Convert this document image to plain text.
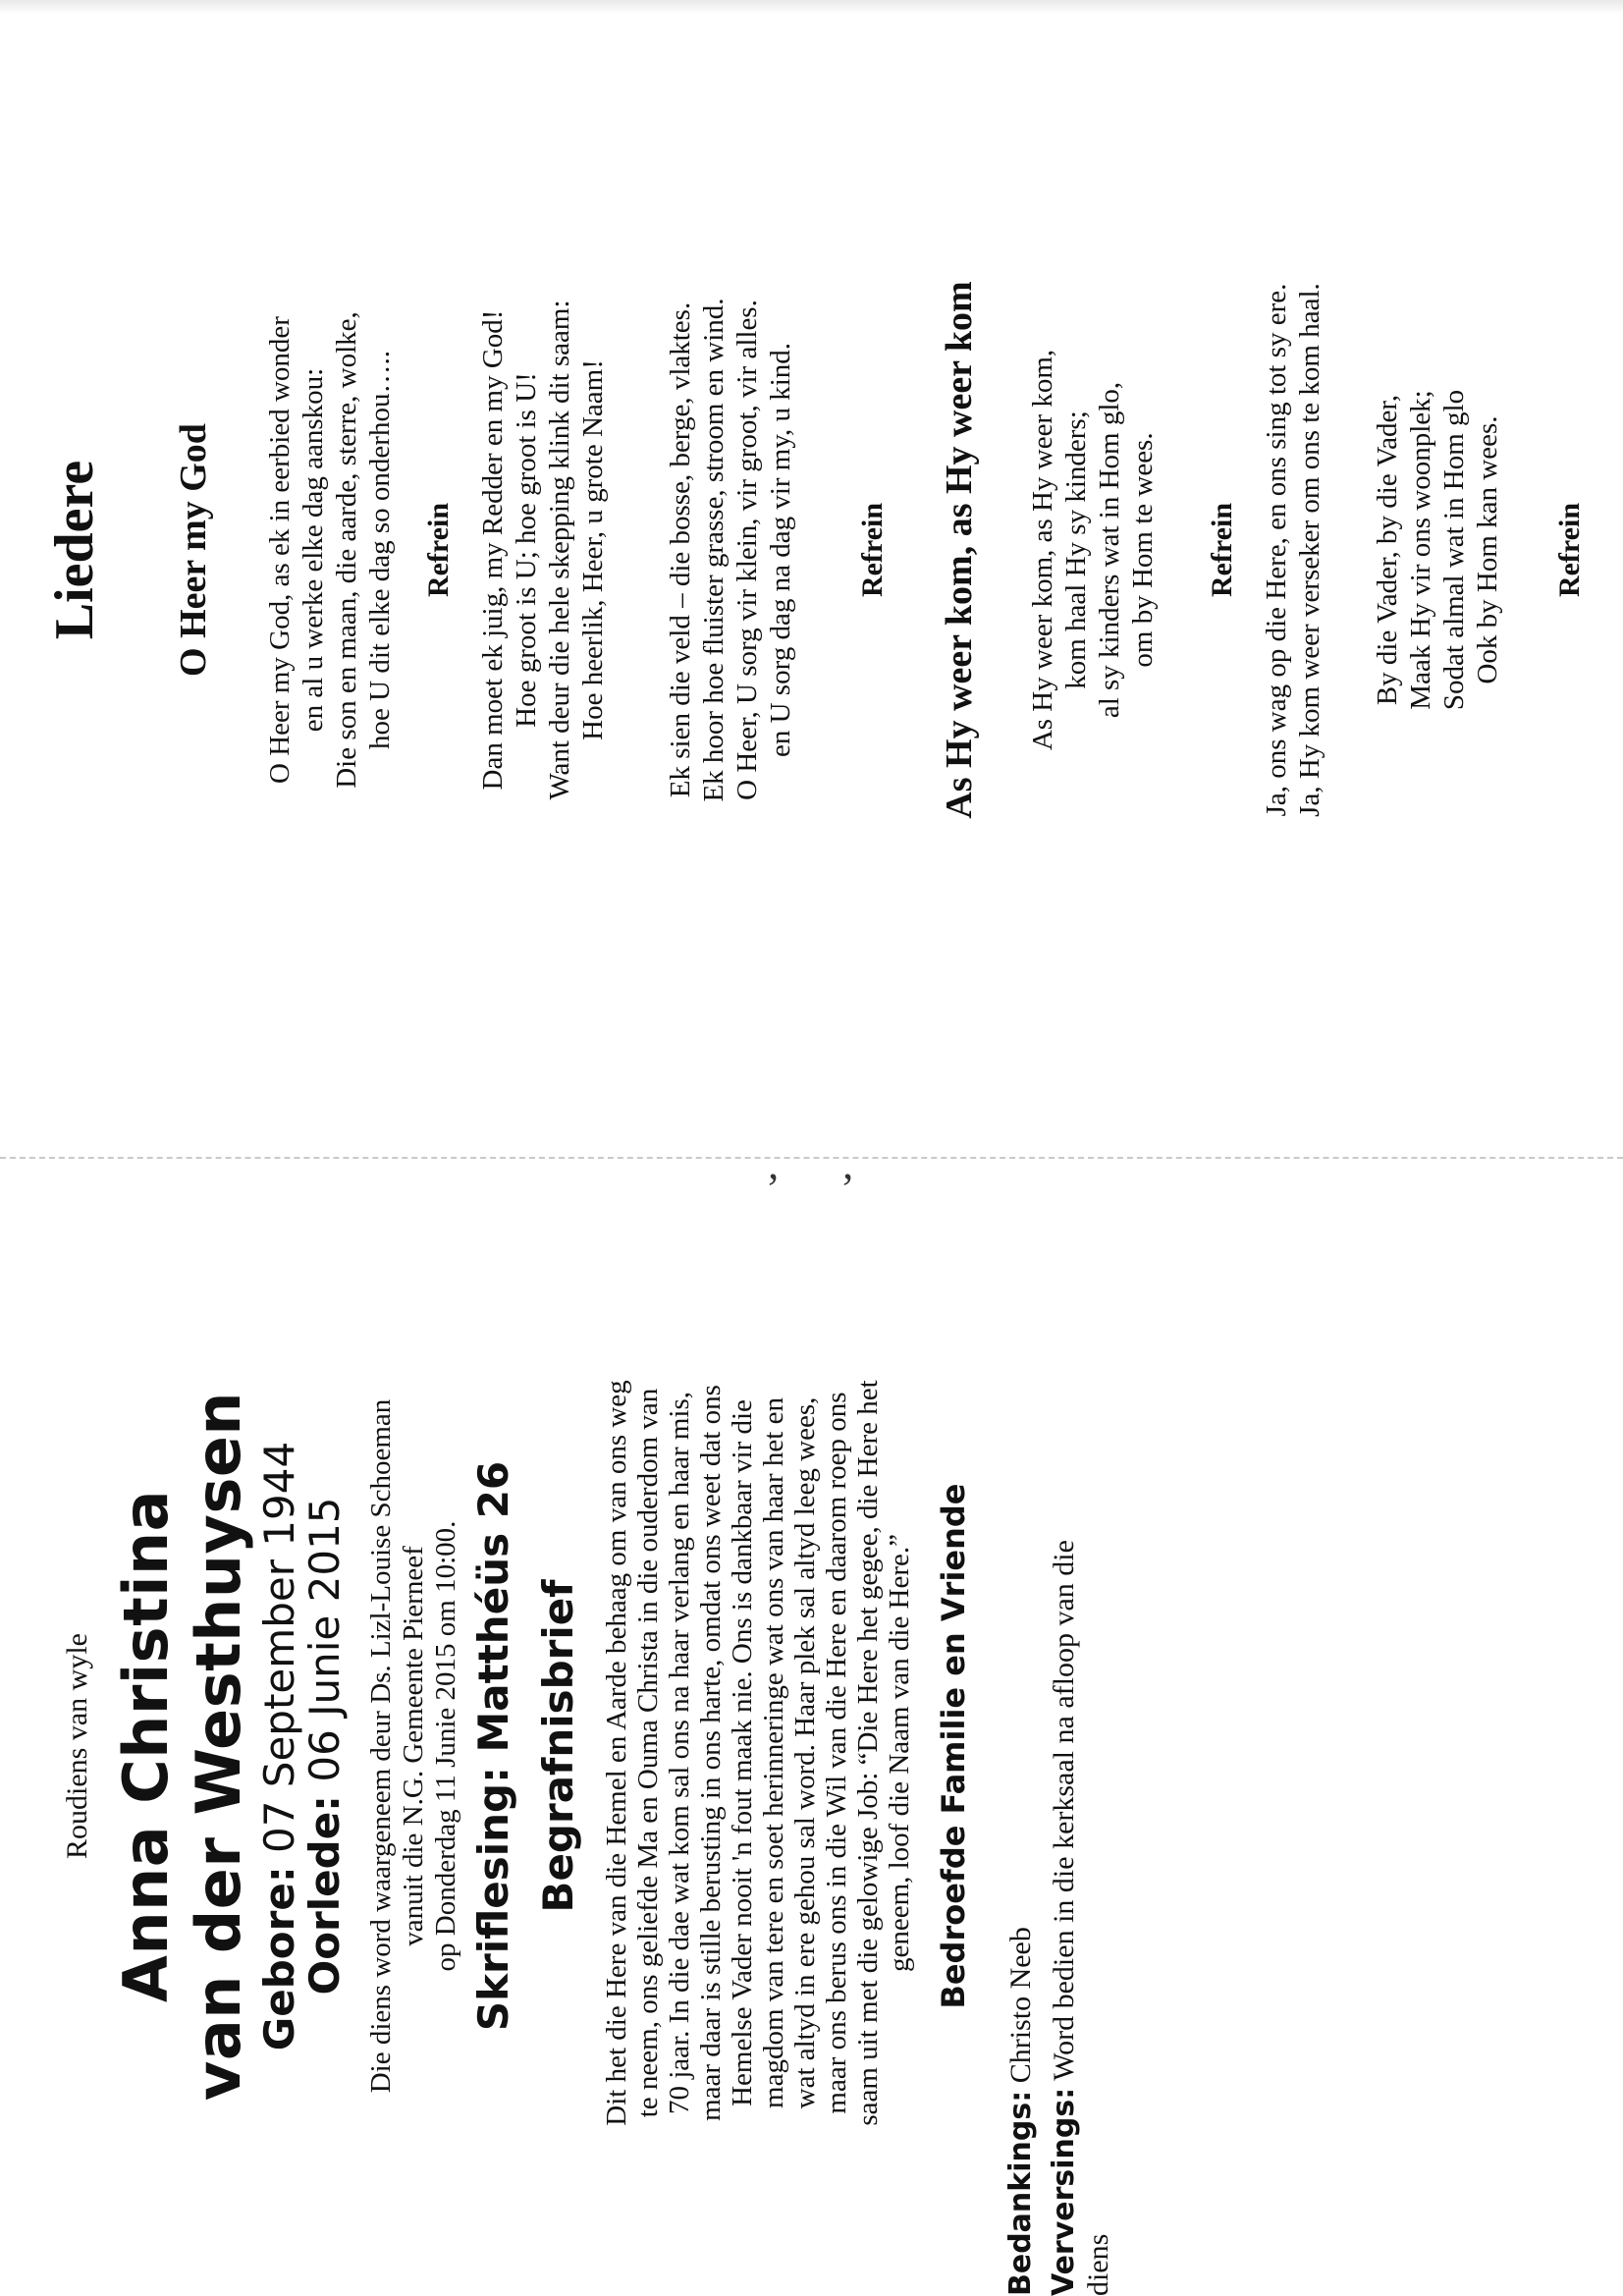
‚ ‚
Liedere O Heer my God O Heer my God, as ek in eerbied wonder en al u werke elke dag aanskou: Die son en maan, die aarde, sterre, wolke, hoe U dit elke dag so onderhou….. Refrein Dan moet ek juig, my Redder en my God! Hoe groot is U; hoe groot is U! Want deur die hele skepping klink dit saam: Hoe heerlik, Heer, u grote Naam! Ek sien die veld – die bosse, berge, vlaktes. Ek hoor hoe fluister grasse, stroom en wind. O Heer, U sorg vir klein, vir groot, vir alles. en U sorg dag na dag vir my, u kind. Refrein As Hy weer kom, as Hy weer kom As Hy weer kom, as Hy weer kom, kom haal Hy sy kinders; al sy kinders wat in Hom glo, om by Hom te wees. Refrein Ja, ons wag op die Here, en ons sing tot sy ere. Ja, Hy kom weer verseker om ons te kom haal. By die Vader, by die Vader, Maak Hy vir ons woonplek; Sodat almal wat in Hom glo Ook by Hom kan wees. Refrein

Roudiens van wyle Anna Christina van der Westhuysen Gebore: 07 September 1944

Oorlede: 06 Junie 2015 Die diens word waargeneem deur Ds. Lizl-Louise Schoeman vanuit die N.G. Gemeente Pierneef op Donderdag 11 Junie 2015 om 10:00. Skriflesing: Matthéüs 26 Begrafnisbrief Dit het die Here van die Hemel en Aarde behaag om van ons weg te neem, ons geliefde Ma en Ouma Christa in die ouderdom van 70 jaar. In die dae wat kom sal ons na haar verlang en haar mis, maar daar is stille berusting in ons harte, omdat ons weet dat ons Hemelse Vader nooit 'n fout maak nie. Ons is dankbaar vir die magdom van tere en soet herinneringe wat ons van haar het en wat altyd in ere gehou sal word. Haar plek sal altyd leeg wees, maar ons berus ons in die Wil van die Here en daarom roep ons saam uit met die gelowige Job: “Die Here het gegee, die Here het geneem, loof die Naam van die Here.” Bedroefde Familie en Vriende

Bedankings: Christo Neeb

Verversings: Word bedien in die kerksaal na afloop van die

diens
